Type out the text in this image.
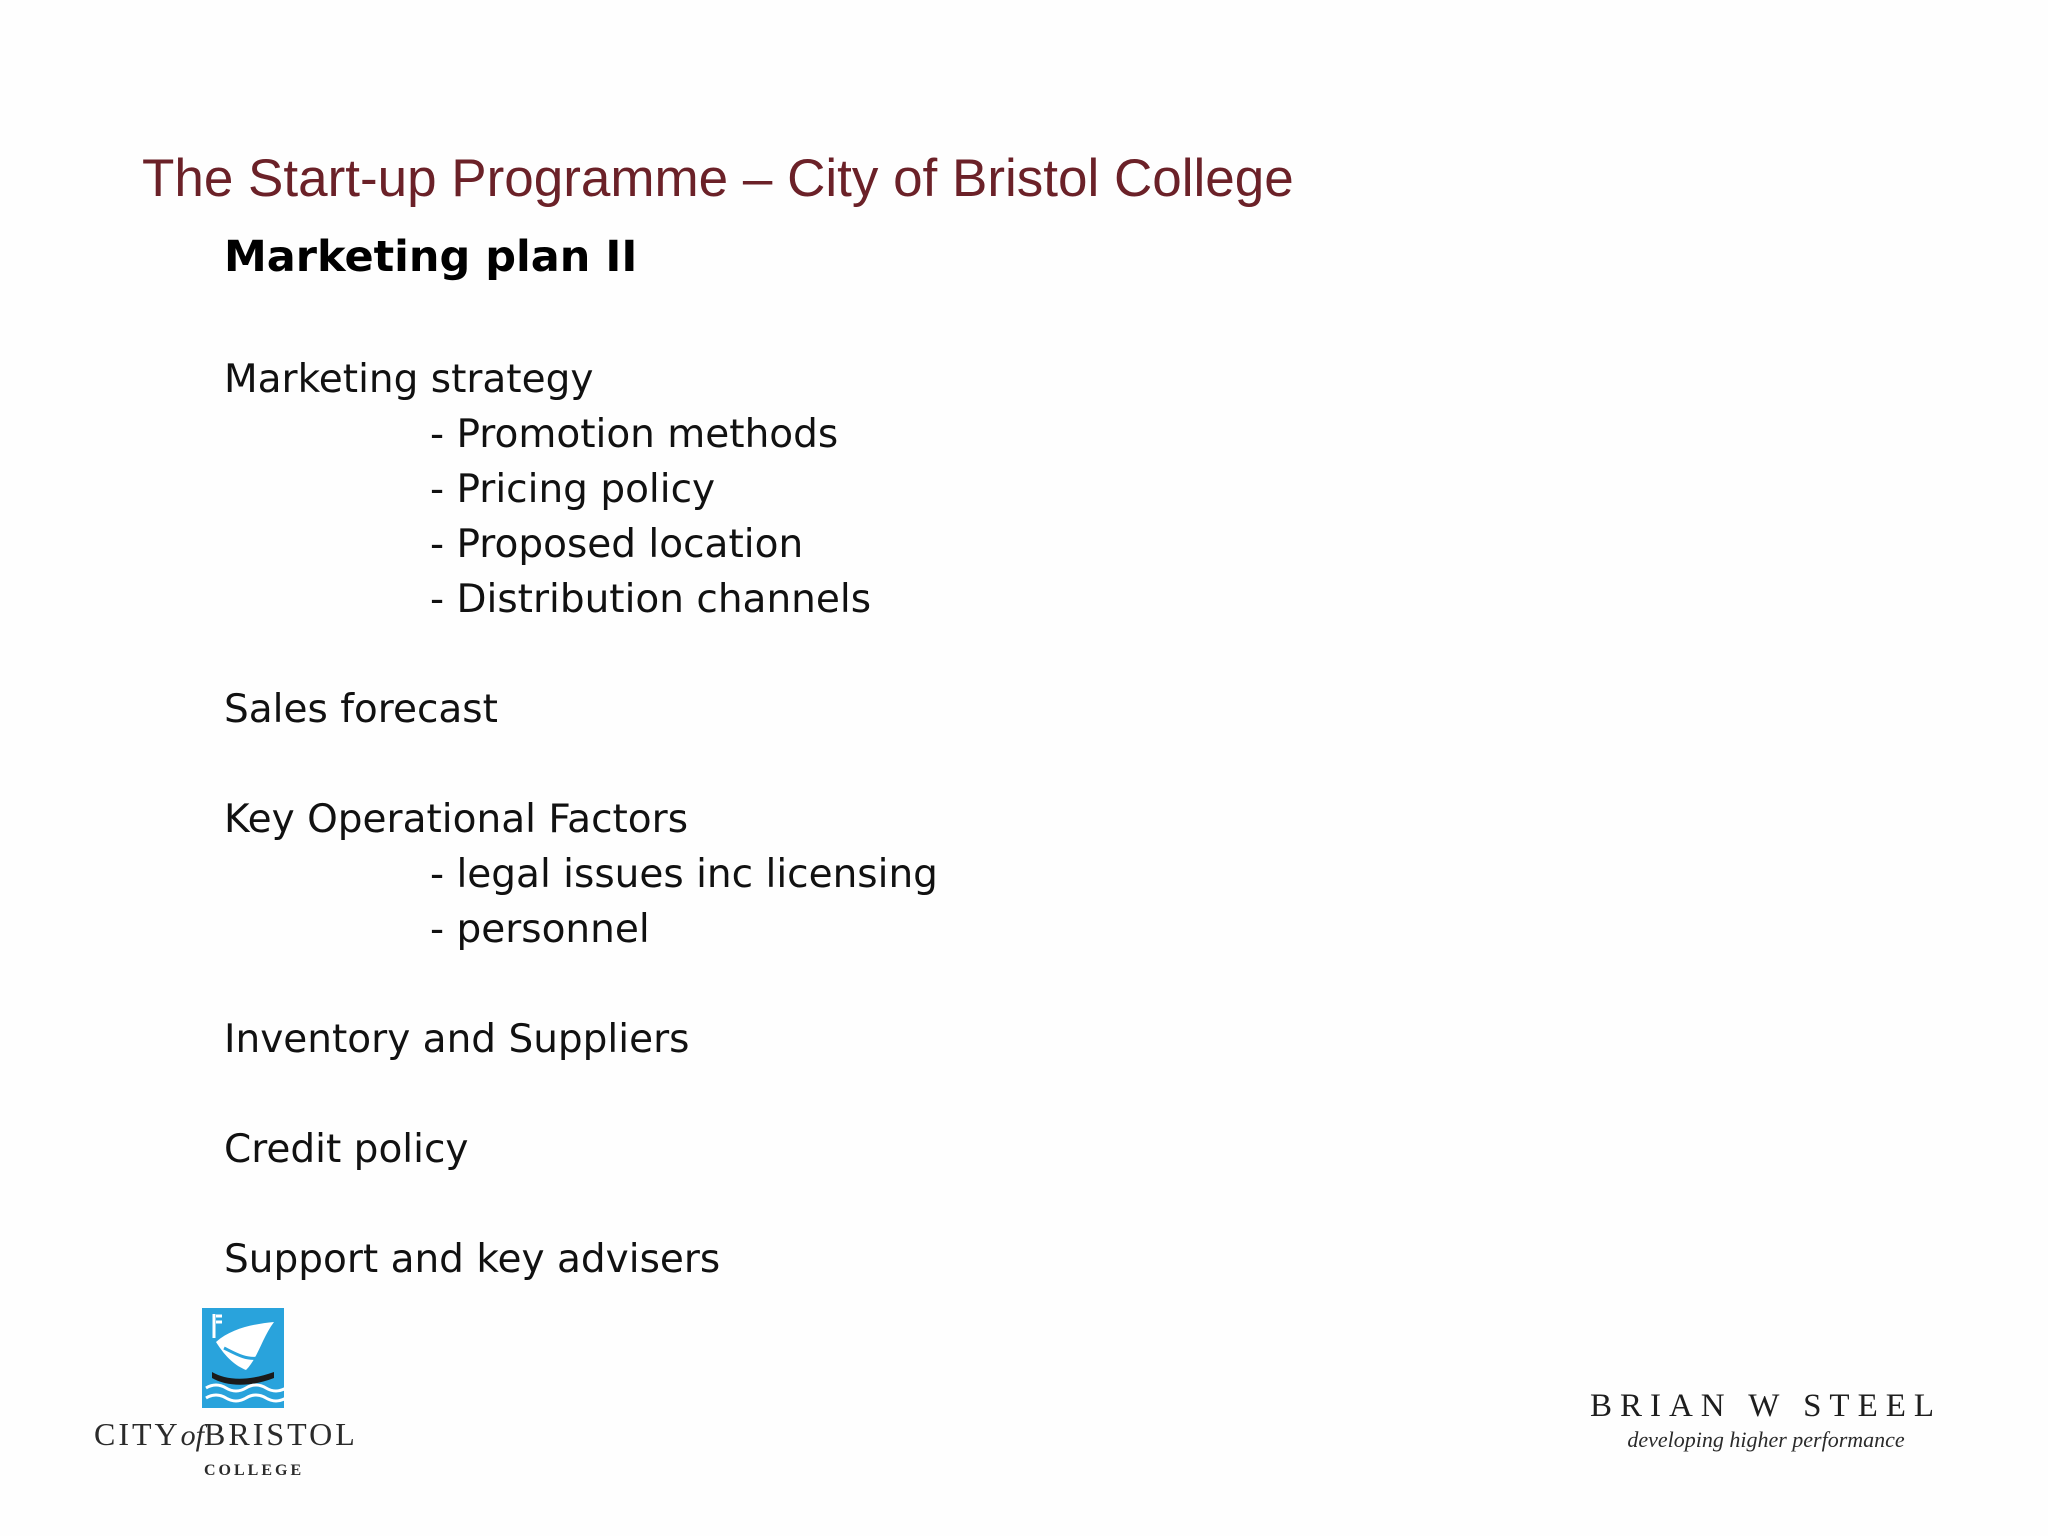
The Start-up Programme – City of Bristol College
Marketing plan II
Marketing strategy
- Promotion methods
- Pricing policy
- Proposed location
- Distribution channels
Sales forecast
Key Operational Factors
- legal issues inc licensing
- personnel
Inventory and Suppliers
Credit policy
Support and key advisers
CITYofBRISTOL
COLLEGE
BRIAN W STEEL
developing higher performance
